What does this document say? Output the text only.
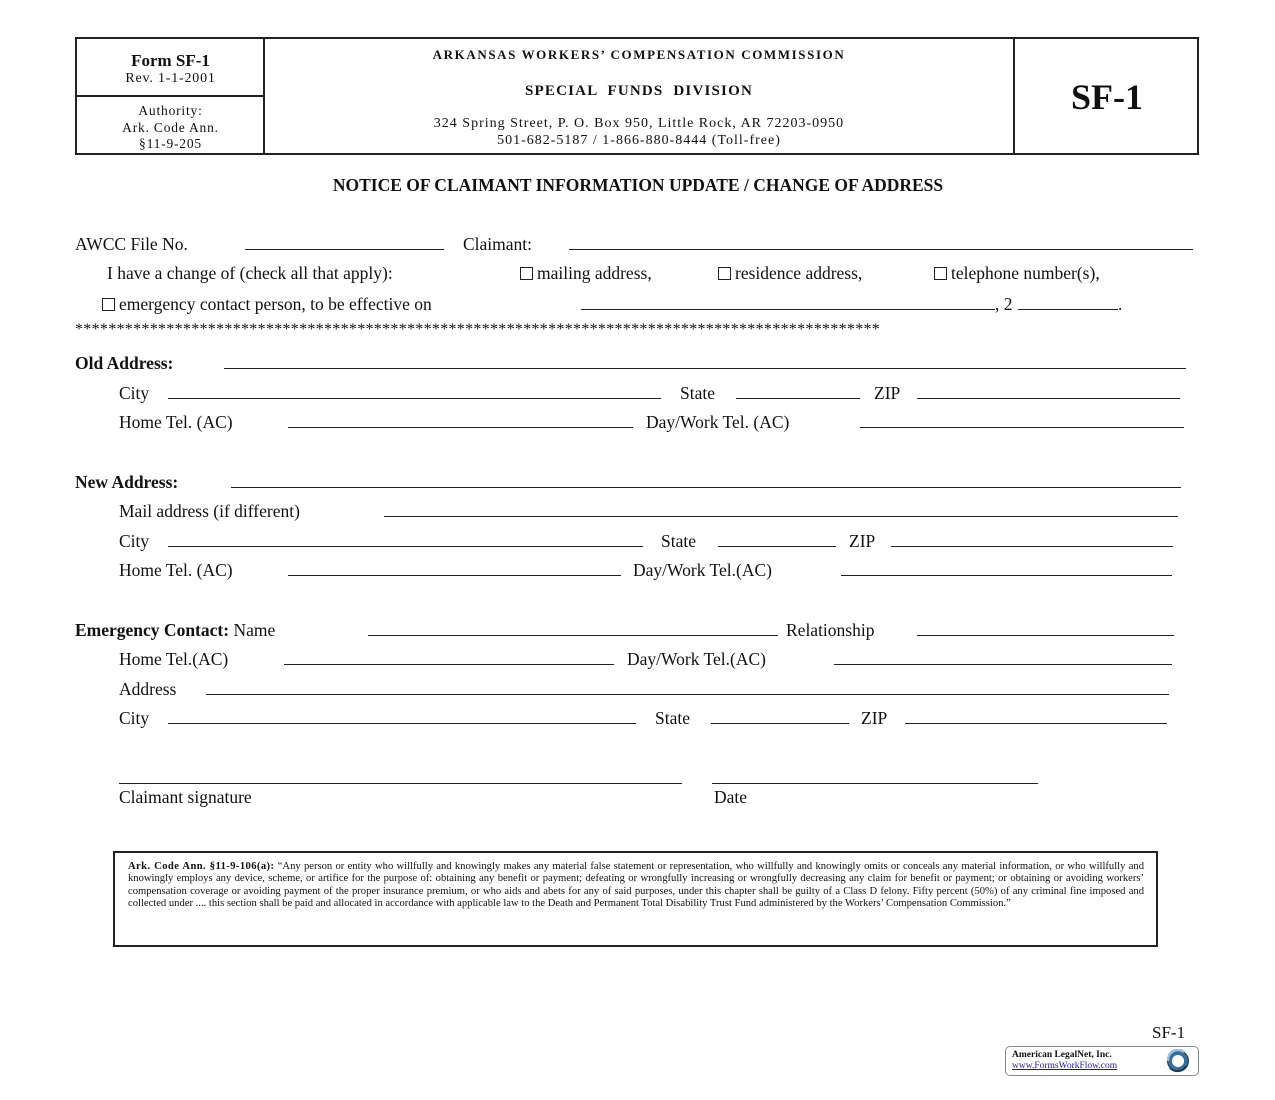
Form SF-1
Rev. 1-1-2001
Authority:
Ark. Code Ann.
§11-9-205
ARKANSAS WORKERS’ COMPENSATION COMMISSION
SPECIAL  FUNDS  DIVISION
324 Spring Street, P. O. Box 950, Little Rock, AR 72203-0950
501-682-5187 / 1-866-880-8444 (Toll-free)
SF-1
NOTICE OF CLAIMANT INFORMATION UPDATE / CHANGE OF ADDRESS
AWCC File No.	Claimant:
I have a change of (check all that apply):	mailing address,	residence address,	telephone number(s),
emergency contact person, to be effective on	, 2	.
*************************************************************************************************
Old Address:
City	State	ZIP
Home Tel. (AC)	Day/Work Tel. (AC)
New Address:
Mail address (if different)
City	State	ZIP
Home Tel. (AC)	Day/Work Tel.(AC)
Emergency Contact: Name	Relationship
Home Tel.(AC)	Day/Work Tel.(AC)
Address
City	State	ZIP
Claimant signature	Date
Ark. Code Ann. §11-9-106(a): “Any person or entity who willfully and knowingly makes any material false statement or representation, who willfully and knowingly omits or conceals any material information, or who willfully and knowingly employs any device, scheme, or artifice for the purpose of: obtaining any benefit or payment; defeating or wrongfully increasing or wrongfully decreasing any claim for benefit or payment; or obtaining or avoiding workers’ compensation coverage or avoiding payment of the proper insurance premium, or who aids and abets for any of said purposes, under this chapter shall be guilty of a Class D felony. Fifty percent (50%) of any criminal fine imposed and collected under .... this section shall be paid and allocated in accordance with applicable law to the Death and Permanent Total Disability Trust Fund administered by the Workers’ Compensation Commission.”
SF-1
American LegalNet, Inc.
www.FormsWorkFlow.com
